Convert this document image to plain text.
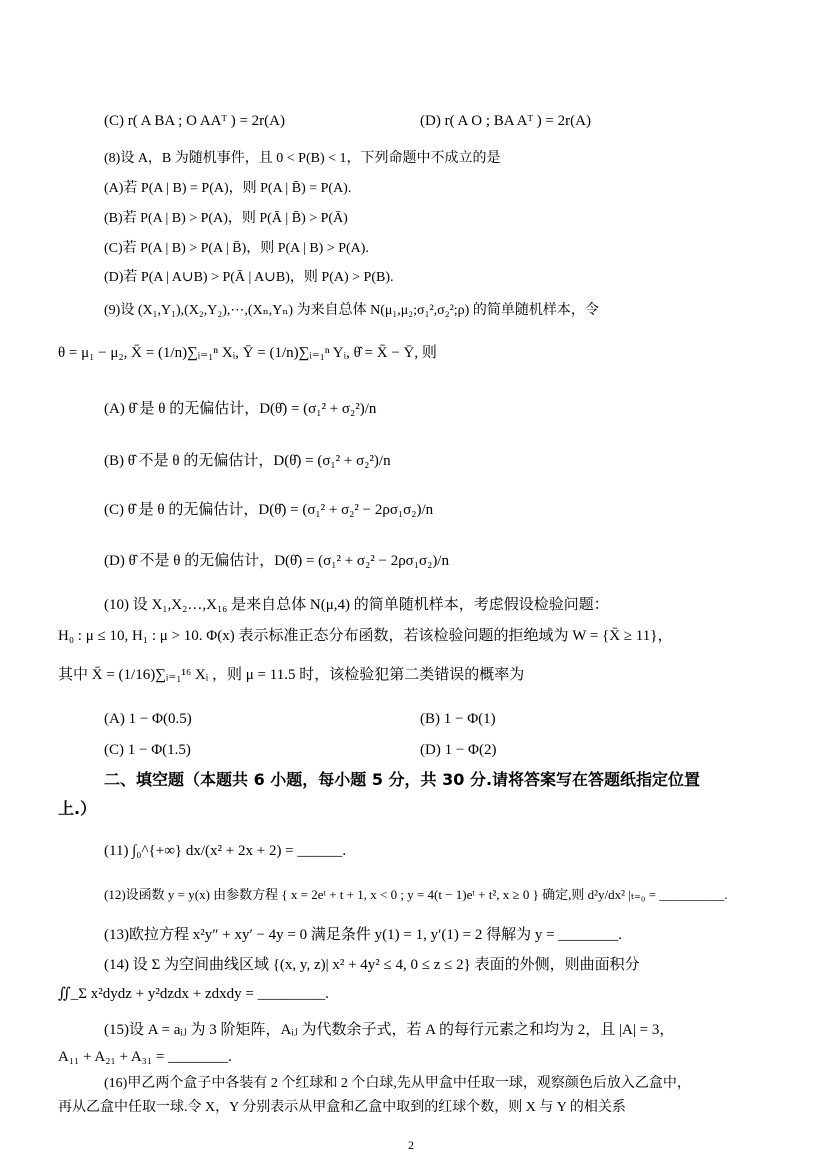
(C) r( A BA ; O AAᵀ ) = 2r(A)	(D) r( A O ; BA Aᵀ ) = 2r(A)
(8)设 A，B 为随机事件，且 0 < P(B) < 1，下列命题中不成立的是
(A)若 P(A | B) = P(A)，则 P(A | B̄) = P(A).
(B)若 P(A | B) > P(A)，则 P(Ā | B̄) > P(Ā)
(C)若 P(A | B) > P(A | B̄)，则 P(A | B) > P(A).
(D)若 P(A | A∪B) > P(Ā | A∪B)，则 P(A) > P(B).
(9)设 (X₁,Y₁),(X₂,Y₂),⋯,(Xₙ,Yₙ) 为来自总体 N(μ₁,μ₂;σ₁²,σ₂²;ρ) 的简单随机样本，令
θ = μ₁ − μ₂, X̄ = (1/n)∑ᵢ₌₁ⁿ Xᵢ, Ȳ = (1/n)∑ᵢ₌₁ⁿ Yᵢ, θ̂ = X̄ − Ȳ, 则
(A) θ̂ 是 θ 的无偏估计，D(θ̂) = (σ₁² + σ₂²)/n
(B) θ̂ 不是 θ 的无偏估计，D(θ̂) = (σ₁² + σ₂²)/n
(C) θ̂ 是 θ 的无偏估计，D(θ̂) = (σ₁² + σ₂² − 2ρσ₁σ₂)/n
(D) θ̂ 不是 θ 的无偏估计，D(θ̂) = (σ₁² + σ₂² − 2ρσ₁σ₂)/n
(10) 设 X₁,X₂…,X₁₆ 是来自总体 N(μ,4) 的简单随机样本，考虑假设检验问题：
H₀ : μ ≤ 10, H₁ : μ > 10. Φ(x) 表示标准正态分布函数，若该检验问题的拒绝域为 W = {X̄ ≥ 11}，
其中 X̄ = (1/16)∑ᵢ₌₁¹⁶ Xᵢ ，则 μ = 11.5 时，该检验犯第二类错误的概率为
(A) 1 − Φ(0.5)	(B) 1 − Φ(1)
(C) 1 − Φ(1.5)	(D) 1 − Φ(2)
二、填空题（本题共 6 小题，每小题 5 分，共 30 分.请将答案写在答题纸指定位置
上.）
(11) ∫₀^{+∞} dx/(x² + 2x + 2) = ______.
(12)设函数 y = y(x) 由参数方程 { x = 2eᵗ + t + 1, x < 0 ; y = 4(t − 1)eᵗ + t², x ≥ 0 } 确定,则 d²y/dx² |ₜ₌₀ = __________.
(13)欧拉方程 x²y″ + xy′ − 4y = 0 满足条件 y(1) = 1, y′(1) = 2 得解为 y = ________.
(14) 设 Σ 为空间曲线区域 {(x, y, z)| x² + 4y² ≤ 4, 0 ≤ z ≤ 2} 表面的外侧，则曲面积分
∬_Σ x²dydz + y²dzdx + zdxdy = _________.
(15)设 A = aᵢⱼ 为 3 阶矩阵，Aᵢⱼ 为代数余子式，若 A 的每行元素之和均为 2，且 |A| = 3，
A₁₁ + A₂₁ + A₃₁ = ________.
(16)甲乙两个盒子中各装有 2 个红球和 2 个白球,先从甲盒中任取一球，观察颜色后放入乙盒中，
再从乙盒中任取一球.令 X，Y 分别表示从甲盒和乙盒中取到的红球个数，则 X 与 Y 的相关系
2
